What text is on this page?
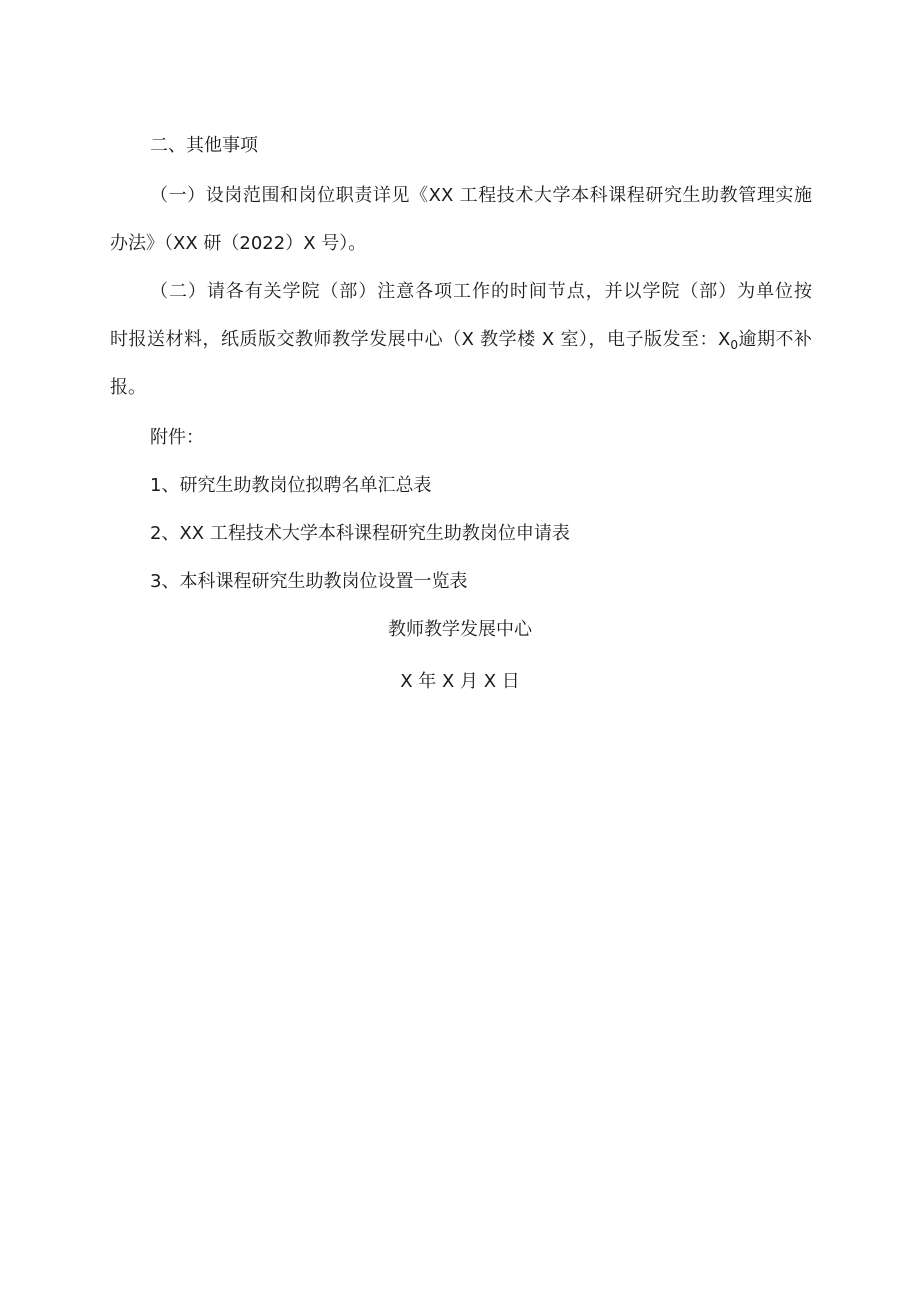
二、其他事项
（一）设岗范围和岗位职责详见《XX 工程技术大学本科课程研究生助教管理实施
办法》（XX 研（2022）X 号）。
（二）请各有关学院（部）注意各项工作的时间节点，并以学院（部）为单位按
时报送材料，纸质版交教师教学发展中心（X 教学楼 X 室），电子版发至：$X_0$逾期不补
报。
附件：
1、研究生助教岗位拟聘名单汇总表
2、XX 工程技术大学本科课程研究生助教岗位申请表
3、本科课程研究生助教岗位设置一览表
教师教学发展中心
X 年 X 月 X 日
